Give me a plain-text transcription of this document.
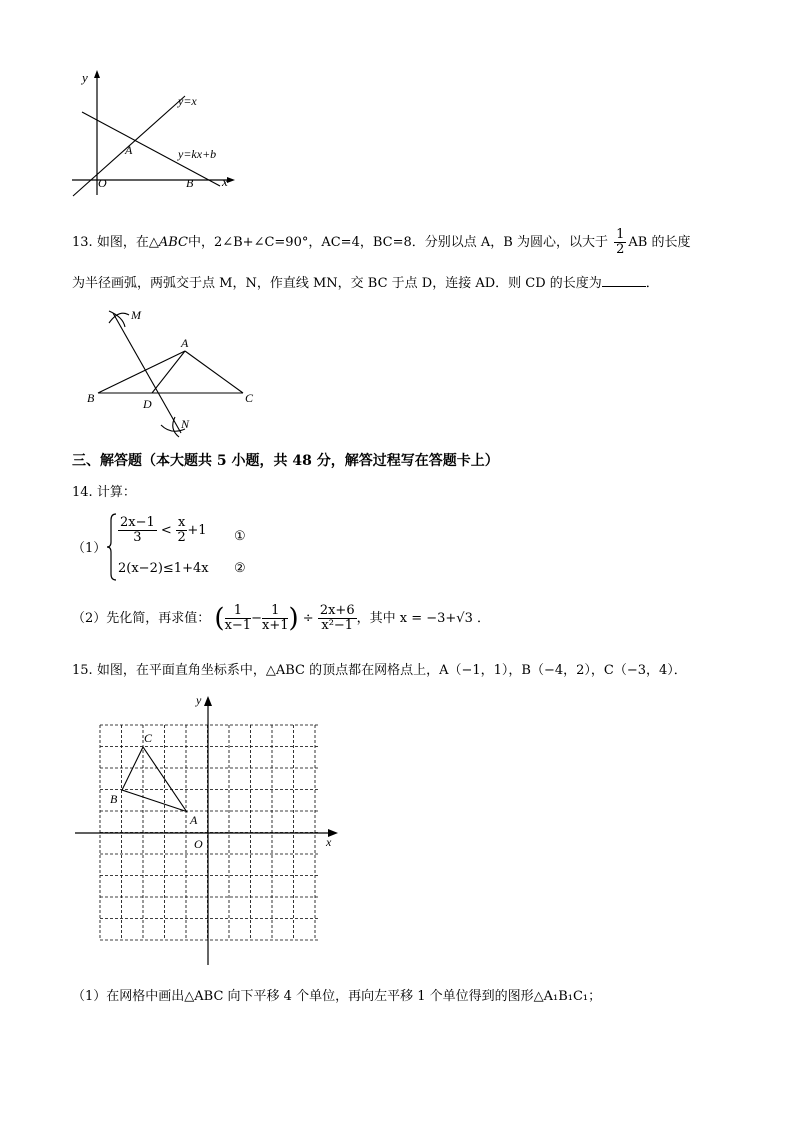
y
x
y=x
y=kx+b
O
A
B
13. 如图，在△ABC中，2∠B+∠C=90°，AC=4，BC=8．分别以点 A，B 为圆心，以大于 $\frac{1}{2}$ AB 的长度
为半径画弧，两弧交于点 M，N，作直线 MN，交 BC 于点 D，连接 AD．则 CD 的长度为	．
M
A
B	C
D
N
三、解答题（本大题共 5 小题，共 48 分，解答过程写在答题卡上）
14. 计算：
（1）
$\frac{2x-1}{3} < \frac{x}{2} +1$ ①
2(x−2)≤1+4x ②
（2）先化简，再求值： ( $\frac{1}{x-1} - \frac{1}{x+1}$ ) ÷ $\frac{2x+6}{\text{x²−1}}$ ，其中 x = −3+√3 ．
15. 如图，在平面直角坐标系中，△ABC 的顶点都在网格点上，A（−1，1），B（−4，2），C（−3，4）．
y
x
O
A
B
C
（1）在网格中画出△ABC 向下平移 4 个单位，再向左平移 1 个单位得到的图形△A₁B₁C₁；
